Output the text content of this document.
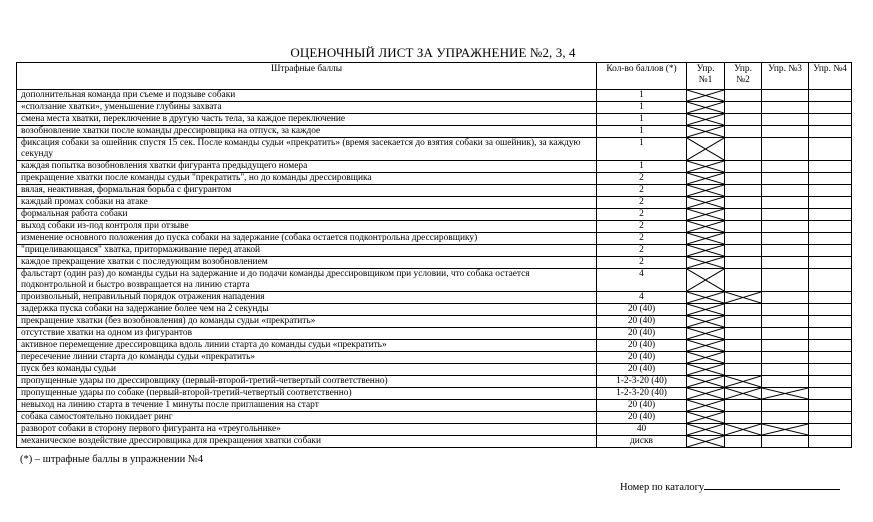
ОЦЕНОЧНЫЙ ЛИСТ ЗА УПРАЖНЕНИЕ №2, 3, 4
Штрафные баллы	Кол-во баллов (*)	Упр. №1	Упр. №2	Упр. №3	Упр. №4
дополнительная команда при съеме и подзыве собаки	1	

«сползание хватки», уменьшение глубины захвата	1	

смена места хватки, переключение в другую часть тела, за каждое переключение	1	

возобновление хватки после команды дрессировщика на отпуск, за каждое	1	

фиксация собаки за ошейник спустя 15 сек. После команды судьи «прекратить» (время засекается до взятия собаки за ошейник), за каждую секунду	1	

каждая попытка возобновления хватки фигуранта предыдущего номера	1	

прекращение хватки после команды судьи "прекратить", но до команды дрессировщика	2	

вялая, неактивная, формальная борьба с фигурантом	2	

каждый промах собаки на атаке	2	

формальная работа собаки	2	

выход собаки из-под контроля при отзыве	2	

изменение основного положения до пуска собаки на задержание (собака остается подконтрольна дрессировщику)	2	

"прицеливающаяся" хватка, притормаживание перед атакой	2	

каждое прекращение хватки с последующим возобновлением	2	

фальстарт (один раз) до команды судьи на задержание и до подачи команды дрессировщиком при условии, что собака остается подконтрольной и быстро возвращается на линию старта	4	

произвольный, неправильный порядок отражения нападения	4	

задержка пуска собаки на задержание более чем на 2 секунды	20 (40)	

прекращение хватки (без возобновления) до команды судьи «прекратить»	20 (40)	

отсутствие хватки на одном из фигурантов	20 (40)	

активное перемещение дрессировщика вдоль линии старта до команды судьи «прекратить»	20 (40)	

пересечение линии старта до команды судьи «прекратить»	20 (40)	

пуск без команды судьи	20 (40)	

пропущенные удары по дрессировщику (первый-второй-третий-четвертый соответственно)	1-2-3-20 (40)	

пропущенные удары по собаке (первый-второй-третий-четвертый соответственно)	1-2-3-20 (40)	

невыход на линию старта в течение 1 минуты после приглашения на старт	20 (40)	

собака самостоятельно покидает ринг	20 (40)	

разворот собаки в сторону первого фигуранта на «треугольнике»	40	

механическое воздействие дрессировщика для прекращения хватки собаки	дискв	

(*) – штрафные баллы в упражнении №4
Номер по каталогу
